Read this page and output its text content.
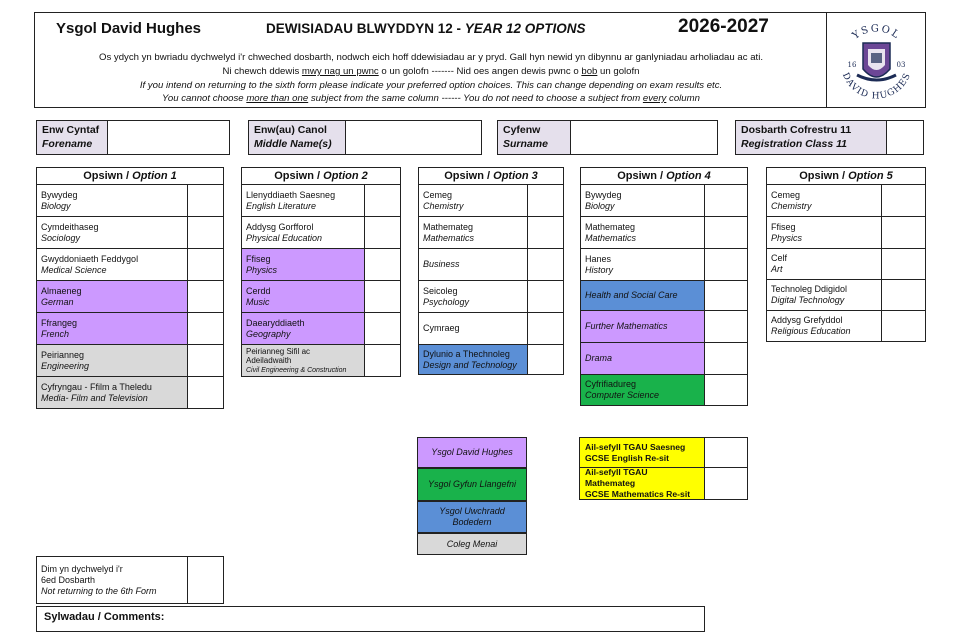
Ysgol David Hughes	DEWISIADAU BLWYDDYN 12 - YEAR 12 OPTIONS	2026-2027	YSGOL
DAVID HUGHES
16	03
Os ydych yn bwriadu dychwelyd i'r chweched dosbarth, nodwch eich hoff ddewisiadau ar y pryd. Gall hyn newid yn dibynnu ar ganlyniadau arholiadau ac ati.
Ni chewch ddewis mwy nag un pwnc o un golofn ------- Nid oes angen dewis pwnc o bob un golofn
If you intend on returning to the sixth form please indicate your preferred option choices. This can change depending on exam results etc.
You cannot choose more than one subject from the same column ------ You do not need to choose a subject from every column
Enw Cyntaf
Forename
Enw(au) Canol
Middle Name(s)
Cyfenw
Surname
Dosbarth Cofrestru 11
Registration Class 11
Opsiwn / Option 1
Bywydeg
Biology
Cymdeithaseg
Sociology
Gwyddoniaeth Feddygol
Medical Science
Almaeneg
German
Ffrangeg
French
Peirianneg
Engineering
Cyfryngau - Ffilm a Theledu
Media- Film and Television
Opsiwn / Option 2
Llenyddiaeth Saesneg
English Literature
Addysg Gorfforol
Physical Education
Ffiseg
Physics
Cerdd
Music
Daearyddiaeth
Geography
Peirianneg Sifil ac Adeiladwaith
Civil Engineering & Construction
Opsiwn / Option 3
Cemeg
Chemistry
Mathemateg
Mathematics
Business
Seicoleg
Psychology
Cymraeg
Dylunio a Thechnoleg
Design and Technology
Opsiwn / Option 4
Bywydeg
Biology
Mathemateg
Mathematics
Hanes
History
Health and Social Care
Further Mathematics
Drama
Cyfrifiadureg
Computer Science
Opsiwn / Option 5
Cemeg
Chemistry
Ffiseg
Physics
Celf
Art
Technoleg Ddigidol
Digital Technology
Addysg Grefyddol
Religious Education
Ysgol David Hughes
Ysgol Gyfun Llangefni
Ysgol Uwchradd Bodedern
Coleg Menai
Ail-sefyll TGAU Saesneg
GCSE English Re-sit
Ail-sefyll TGAU Mathemateg
GCSE Mathematics Re-sit
Dim yn dychwelyd i'r
6ed Dosbarth
Not returning to the 6th Form
Sylwadau / Comments:
